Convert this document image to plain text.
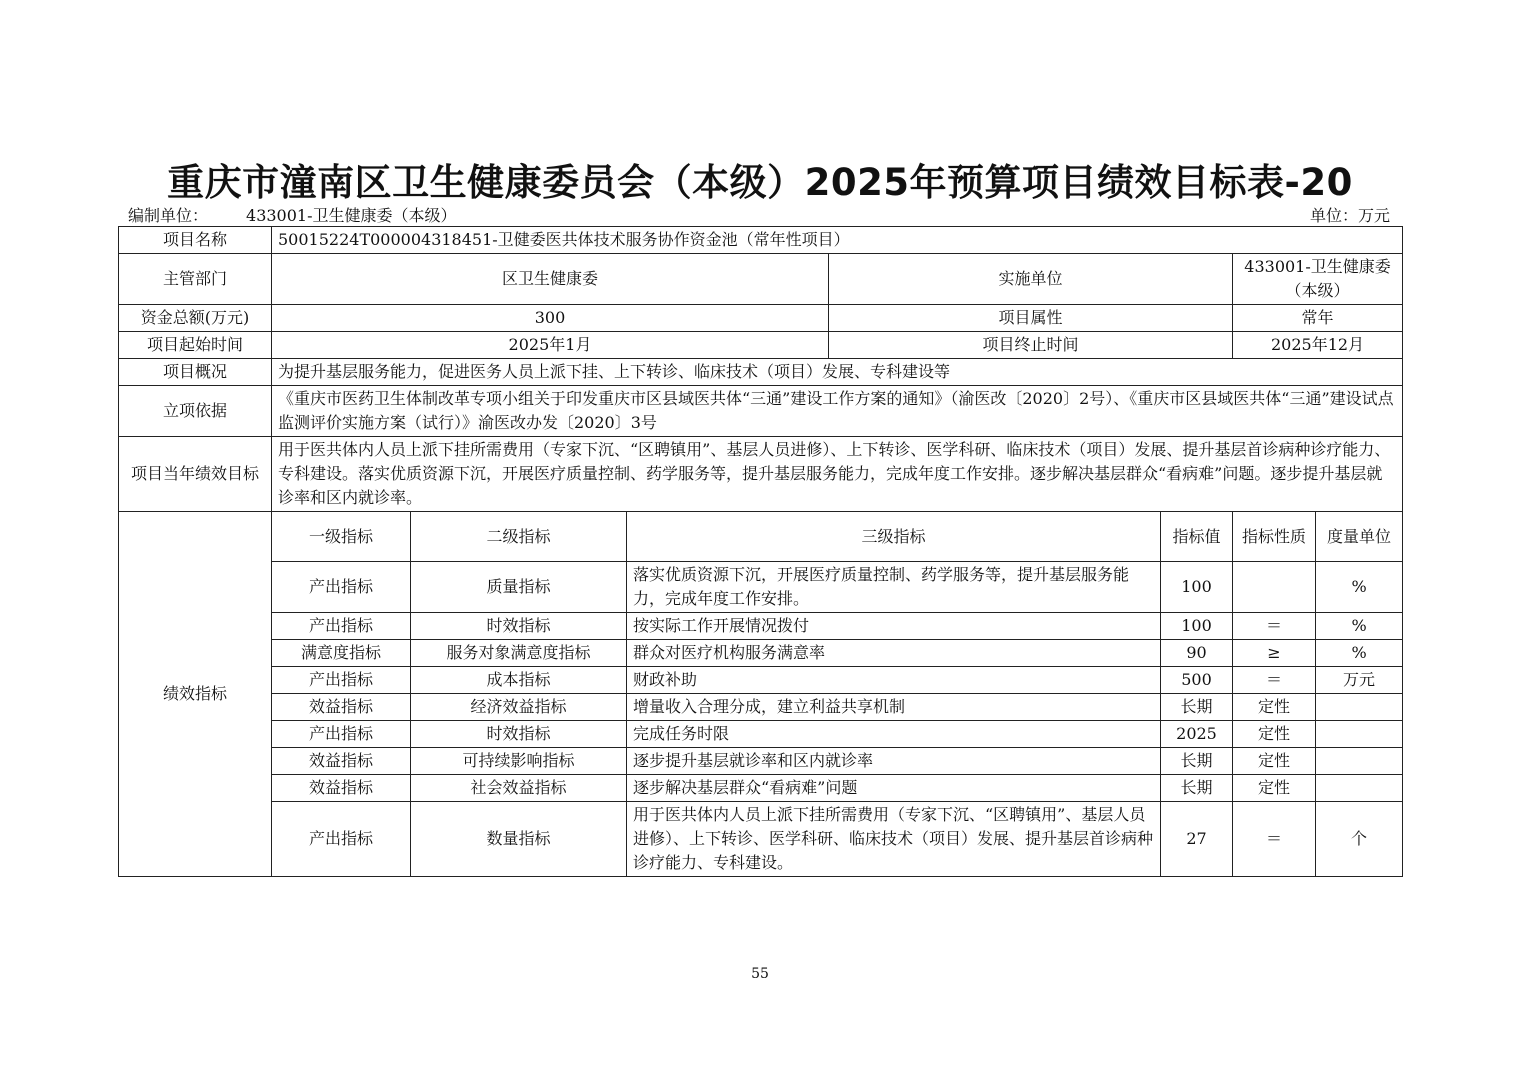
重庆市潼南区卫生健康委员会（本级）2025年预算项目绩效目标表-20
编制单位： 433001-卫生健康委（本级）	单位：万元
项目名称	50015224T000004318451-卫健委医共体技术服务协作资金池（常年性项目）						
主管部门	区卫生健康委			实施单位		433001-卫生健康委（本级）	
资金总额(万元)	300			项目属性		常年	
项目起始时间	2025年1月			项目终止时间		2025年12月	
项目概况	为提升基层服务能力，促进医务人员上派下挂、上下转诊、临床技术（项目）发展、专科建设等						
立项依据	《重庆市医药卫生体制改革专项小组关于印发重庆市区县域医共体“三通”建设工作方案的通知》（渝医改〔2020〕2号）、《重庆市区县域医共体“三通”建设试点监测评价实施方案（试行）》渝医改办发〔2020〕3号						
项目当年绩效目标	用于医共体内人员上派下挂所需费用（专家下沉、“区聘镇用”、基层人员进修）、上下转诊、医学科研、临床技术（项目）发展、提升基层首诊病种诊疗能力、专科建设。落实优质资源下沉，开展医疗质量控制、药学服务等，提升基层服务能力，完成年度工作安排。逐步解决基层群众“看病难”问题。逐步提升基层就诊率和区内就诊率。						
绩效指标	一级指标	二级指标	三级指标		指标值	指标性质	度量单位
	产出指标	质量指标	落实优质资源下沉，开展医疗质量控制、药学服务等，提升基层服务能力，完成年度工作安排。		100		%
	产出指标	时效指标	按实际工作开展情况拨付		100	＝	%
	满意度指标	服务对象满意度指标	群众对医疗机构服务满意率		90	≥	%
	产出指标	成本指标	财政补助		500	＝	万元
	效益指标	经济效益指标	增量收入合理分成，建立利益共享机制		长期	定性	
	产出指标	时效指标	完成任务时限		2025	定性	
	效益指标	可持续影响指标	逐步提升基层就诊率和区内就诊率		长期	定性	
	效益指标	社会效益指标	逐步解决基层群众“看病难”问题		长期	定性	
	产出指标	数量指标	用于医共体内人员上派下挂所需费用（专家下沉、“区聘镇用”、基层人员进修）、上下转诊、医学科研、临床技术（项目）发展、提升基层首诊病种诊疗能力、专科建设。		27	＝	个
55
